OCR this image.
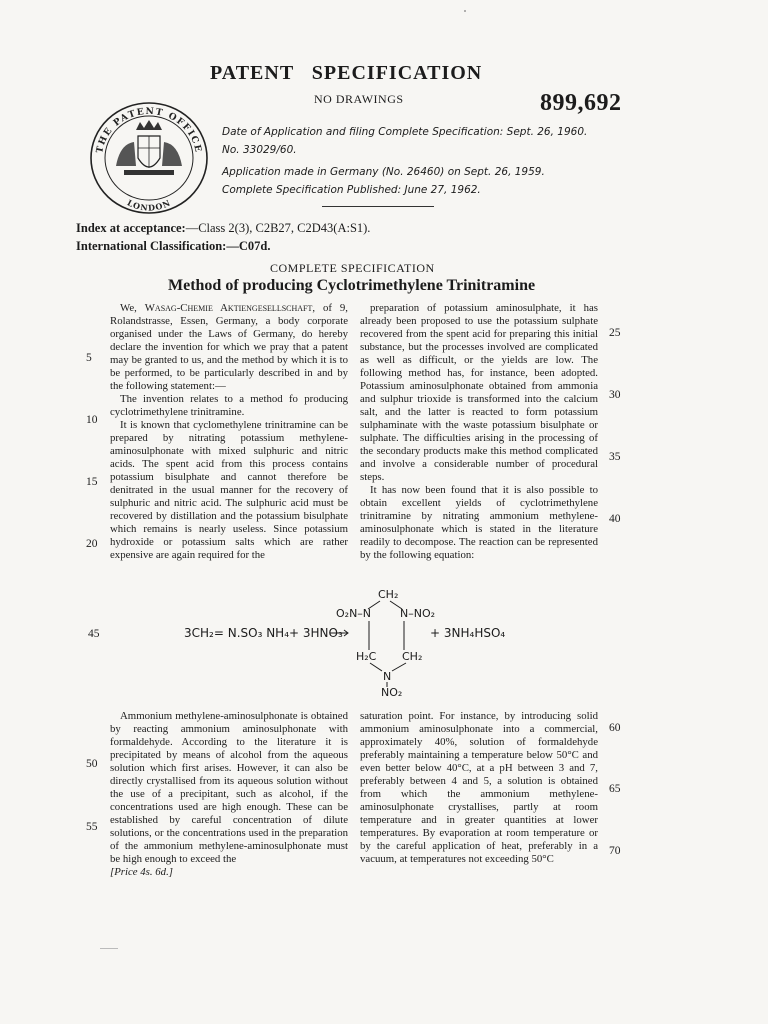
PATENT SPECIFICATION
NO DRAWINGS	899,692
THE PATENT OFFICE
LONDON
Date of Application and filing Complete Specification: Sept. 26, 1960.
No. 33029/60.
Application made in Germany (No. 26460) on Sept. 26, 1959.
Complete Specification Published: June 27, 1962.
Index at acceptance:—Class 2(3), C2B27, C2D43(A:S1).
International Classification:—C07d.
COMPLETE SPECIFICATION
Method of producing Cyclotrimethylene Trinitramine

We, Wasag-Chemie Aktiengesellschaft, of 9, Rolandstrasse, Essen, Germany, a body corporate organised under the Laws of Germany, do hereby declare the invention for which we pray that a patent may be granted to us, and the method by which it is to be performed, to be particularly described in and by the following statement:—

The invention relates to a method fo producing cyclotrimethylene trinitramine.

It is known that cyclomethylene trinitramine can be prepared by nitrating potassium methylene-aminosulphonate with mixed sulphuric and nitric acids. The spent acid from this process contains potassium bisulphate and cannot therefore be denitrated in the usual manner for the recovery of sulphuric and nitric acid. The sulphuric acid must be recovered by distillation and the potassium bisulphate which remains is nearly useless. Since potassium hydroxide or potassium salts which are rather expensive are again required for the

preparation of potassium aminosulphate, it has already been proposed to use the potassium sulphate recovered from the spent acid for preparing this initial substance, but the processes involved are complicated as well as difficult, or the yields are low. The following method has, for instance, been adopted. Potassium aminosulphonate obtained from ammonia and sulphur trioxide is transformed into the calcium salt, and the latter is reacted to form potassium sulphaminate with the waste potassium bisulphate or sulphate. The difficulties arising in the processing of the secondary products make this method complicated and involve a considerable number of procedural steps.

It has now been found that it is also possible to obtain excellent yields of cyclotrimethylene trinitramine by nitrating ammonium methylene-aminosulphonate which is stated in the literature readily to decompose. The reaction can be represented by the following equation:

5
10
15
20
25
30
35
40
45	3CH₂= N.SO₃ NH₄+ 3HNO₃
CH₂
O₂N–N	N–NO₂
H₂C CH₂
N
NO₂
+ 3NH₄HSO₄

Ammonium methylene-aminosulphonate is obtained by reacting ammonium aminosulphonate with formaldehyde. According to the literature it is precipitated by means of alcohol from the aqueous solution which first arises. However, it can also be directly crystallised from its aqueous solution without the use of a precipitant, such as alcohol, if the concentrations used are high enough. These can be established by careful concentration of dilute solutions, or the concentrations used in the preparation of the ammonium methylene-aminosulphonate must be high enough to exceed the

[Price 4s. 6d.]

saturation point. For instance, by introducing solid ammonium aminosulphonate into a commercial, approximately 40%, solution of formaldehyde preferably maintaining a temperature below 50°C and even better below 40°C, at a pH between 3 and 7, preferably between 4 and 5, a solution is obtained from which the ammonium methylene-aminosulphonate crystallises, partly at room temperature and in greater quantities at lower temperatures. By evaporation at room temperature or by the careful application of heat, preferably in a vacuum, at temperatures not exceeding 50°C

50
55
60
65
70
